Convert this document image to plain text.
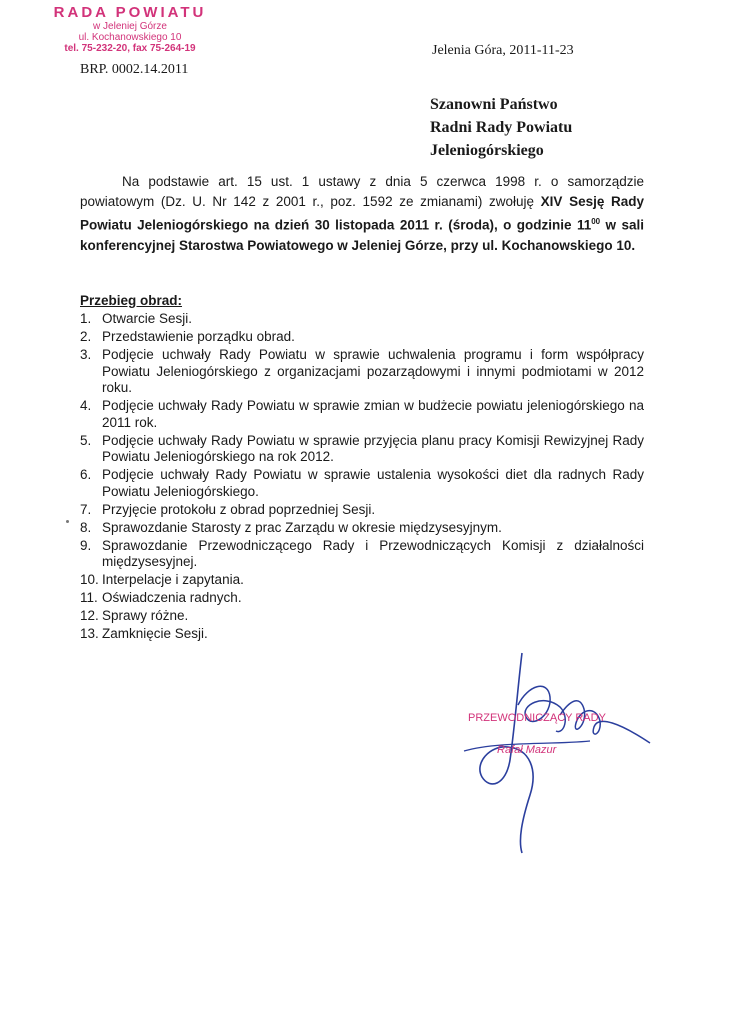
RADA POWIATU
w Jeleniej Górze
ul. Kochanowskiego 10
tel. 75-232-20, fax 75-264-19
BRP. 0002.14.2011
Jelenia Góra, 2011-11-23
Szanowni Państwo
Radni Rady Powiatu
Jeleniogórskiego
Na podstawie art. 15 ust. 1 ustawy z dnia 5 czerwca 1998 r. o samorządzie powiatowym (Dz. U. Nr 142 z 2001 r., poz. 1592 ze zmianami) zwołuję XIV Sesję Rady Powiatu Jeleniogórskiego na dzień 30 listopada 2011 r. (środa), o godzinie $11^{00}$ w sali konferencyjnej Starostwa Powiatowego w Jeleniej Górze, przy ul. Kochanowskiego 10.
Przebieg obrad:
1. Otwarcie Sesji.
2. Przedstawienie porządku obrad.
3. Podjęcie uchwały Rady Powiatu w sprawie uchwalenia programu i form współpracy Powiatu Jeleniogórskiego z organizacjami pozarządowymi i innymi podmiotami w 2012 roku.
4. Podjęcie uchwały Rady Powiatu w sprawie zmian w budżecie powiatu jeleniogórskiego na 2011 rok.
5. Podjęcie uchwały Rady Powiatu w sprawie przyjęcia planu pracy Komisji Rewizyjnej Rady Powiatu Jeleniogórskiego na rok 2012.
6. Podjęcie uchwały Rady Powiatu w sprawie ustalenia wysokości diet dla radnych Rady Powiatu Jeleniogórskiego.
7. Przyjęcie protokołu z obrad poprzedniej Sesji.
8. Sprawozdanie Starosty z prac Zarządu w okresie międzysesyjnym.
9. Sprawozdanie Przewodniczącego Rady i Przewodniczących Komisji z działalności międzysesyjnej.
10. Interpelacje i zapytania.
11. Oświadczenia radnych.
12. Sprawy różne.
13. Zamknięcie Sesji.
PRZEWODNICZĄCY RADY
Rafał Mazur
